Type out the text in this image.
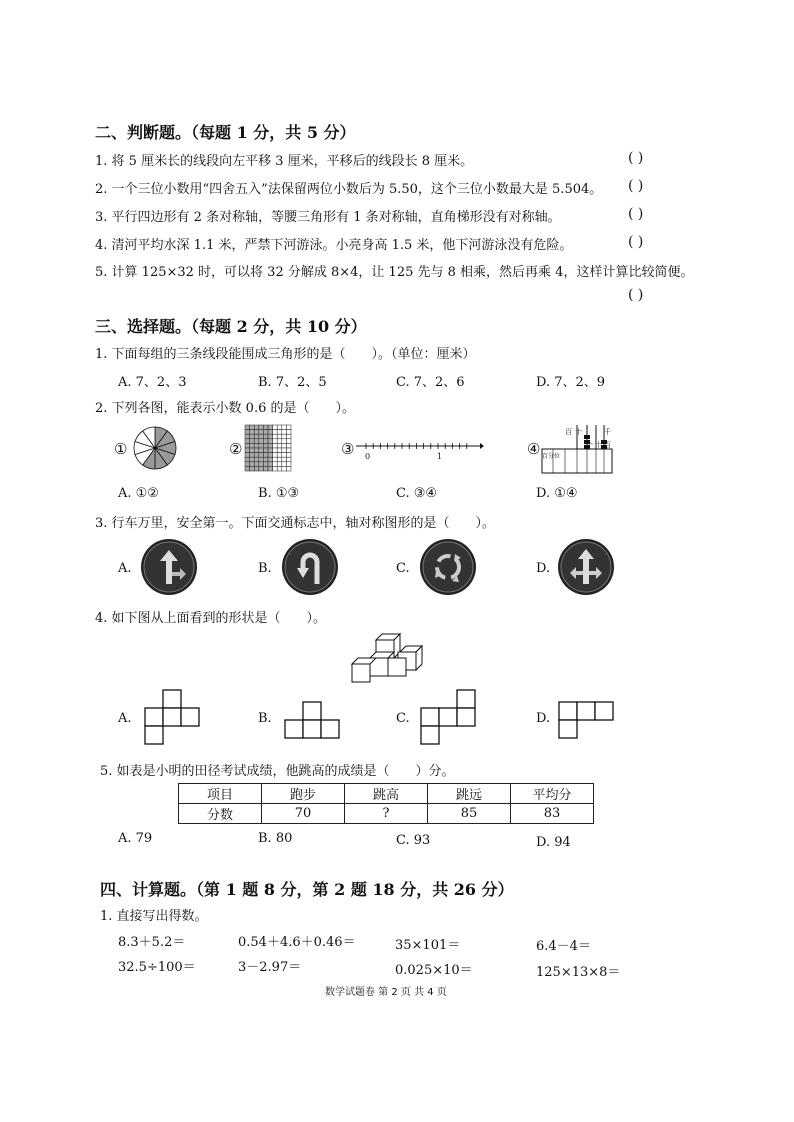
二、判断题。（每题 1 分，共 5 分）
1. 将 5 厘米长的线段向左平移 3 厘米，平移后的线段长 8 厘米。	( )
2. 一个三位小数用“四舍五入”法保留两位小数后为 5.50，这个三位小数最大是 5.504。 ( )
3. 平行四边形有 2 条对称轴，等腰三角形有 1 条对称轴，直角梯形没有对称轴。	( )
4. 清河平均水深 1.1 米，严禁下河游泳。小亮身高 1.5 米，他下河游泳没有危险。	( )
5. 计算 125×32 时，可以将 32 分解成 8×4，让 125 先与 8 相乘，然后再乘 4，这样计算比较简便。
( )
三、选择题。（每题 2 分，共 10 分）
1. 下面每组的三条线段能围成三角形的是（　　）。（单位：厘米）
A. 7、2、3	B. 7、2、5	C. 7、2、6	D. 7、2、9
2. 下列各图，能表示小数 0.6 的是（　　）。
①	②	③ 0	1	④ 百分位
百 十
个 十 百
千
A. ①②	B. ①③	C. ③④	D. ①④
3. 行车万里，安全第一。下面交通标志中，轴对称图形的是（　　）。
A.	B.	C.	D.
4. 如下图从上面看到的形状是（　　）。
A.	B.	C.	D.
5. 如表是小明的田径考试成绩，他跳高的成绩是（　　）分。
项目	跑步	跳高	跳远	平均分
分数	70	?	85	83
A. 79	B. 80	C. 93	D. 94
四、计算题。（第 1 题 8 分，第 2 题 18 分，共 26 分）
1. 直接写出得数。
8.3＋5.2＝	0.54＋4.6＋0.46＝	35×101＝	6.4－4＝
32.5÷100＝	3－2.97＝	0.025×10＝	125×13×8＝
数学试题卷 第 2 页 共 4 页
